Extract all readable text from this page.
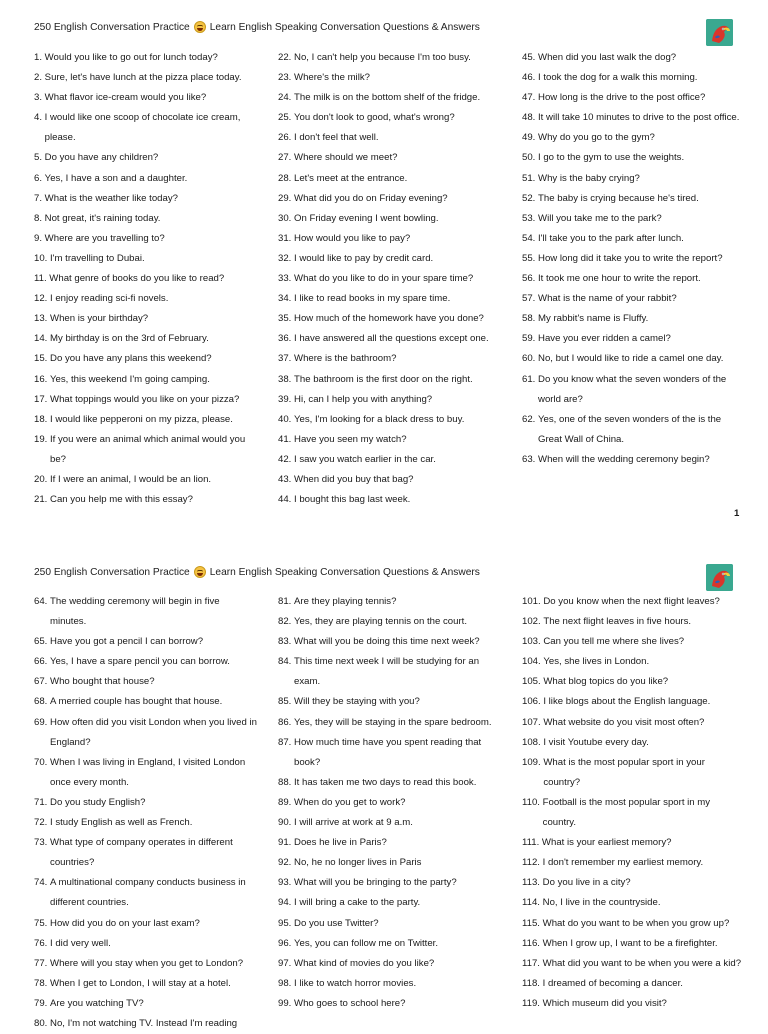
250 English Conversation Practice Learn English Speaking Conversation Questions & Answers
1. Would you like to go out for lunch today?
2. Sure, let's have lunch at the pizza place today.
3. What flavor ice-cream would you like?
4. I would like one scoop of chocolate ice cream, please.
5. Do you have any children?
6. Yes, I have a son and a daughter.
7. What is the weather like today?
8. Not great, it's raining today.
9. Where are you travelling to?
10. I'm travelling to Dubai.
11. What genre of books do you like to read?
12. I enjoy reading sci-fi novels.
13. When is your birthday?
14. My birthday is on the 3rd of February.
15. Do you have any plans this weekend?
16. Yes, this weekend I'm going camping.
17. What toppings would you like on your pizza?
18. I would like pepperoni on my pizza, please.
19. If you were an animal which animal would you be?
20. If I were an animal, I would be an lion.
21. Can you help me with this essay?
22. No, I can't help you because I'm too busy.
23. Where's the milk?
24. The milk is on the bottom shelf of the fridge.
25. You don't look to good, what's wrong?
26. I don't feel that well.
27. Where should we meet?
28. Let's meet at the entrance.
29. What did you do on Friday evening?
30. On Friday evening I went bowling.
31. How would you like to pay?
32. I would like to pay by credit card.
33. What do you like to do in your spare time?
34. I like to read books in my spare time.
35. How much of the homework have you done?
36. I have answered all the questions except one.
37. Where is the bathroom?
38. The bathroom is the first door on the right.
39. Hi, can I help you with anything?
40. Yes, I'm looking for a black dress to buy.
41. Have you seen my watch?
42. I saw you watch earlier in the car.
43. When did you buy that bag?
44. I bought this bag last week.
45. When did you last walk the dog?
46. I took the dog for a walk this morning.
47. How long is the drive to the post office?
48. It will take 10 minutes to drive to the post office.
49. Why do you go to the gym?
50. I go to the gym to use the weights.
51. Why is the baby crying?
52. The baby is crying because he's tired.
53. Will you take me to the park?
54. I'll take you to the park after lunch.
55. How long did it take you to write the report?
56. It took me one hour to write the report.
57. What is the name of your rabbit?
58. My rabbit's name is Fluffy.
59. Have you ever ridden a camel?
60. No, but I would like to ride a camel one day.
61. Do you know what the seven wonders of the world are?
62. Yes, one of the seven wonders of the is the Great Wall of China.
63. When will the wedding ceremony begin?
1
250 English Conversation Practice Learn English Speaking Conversation Questions & Answers
64. The wedding ceremony will begin in five minutes.
65. Have you got a pencil I can borrow?
66. Yes, I have a spare pencil you can borrow.
67. Who bought that house?
68. A merried couple has bought that house.
69. How often did you visit London when you lived in England?
70. When I was living in England, I visited London once every month.
71. Do you study English?
72. I study English as well as French.
73. What type of company operates in different countries?
74. A multinational company conducts business in different countries.
75. How did you do on your last exam?
76. I did very well.
77. Where will you stay when you get to London?
78. When I get to London, I will stay at a hotel.
79. Are you watching TV?
80. No, I'm not watching TV. Instead I'm reading
81. Are they playing tennis?
82. Yes, they are playing tennis on the court.
83. What will you be doing this time next week?
84. This time next week I will be studying for an exam.
85. Will they be staying with you?
86. Yes, they will be staying in the spare bedroom.
87. How much time have you spent reading that book?
88. It has taken me two days to read this book.
89. When do you get to work?
90. I will arrive at work at 9 a.m.
91. Does he live in Paris?
92. No, he no longer lives in Paris
93. What will you be bringing to the party?
94. I will bring a cake to the party.
95. Do you use Twitter?
96. Yes, you can follow me on Twitter.
97. What kind of movies do you like?
98. I like to watch horror movies.
99. Who goes to school here?
101. Do you know when the next flight leaves?
102. The next flight leaves in five hours.
103. Can you tell me where she lives?
104. Yes, she lives in London.
105. What blog topics do you like?
106. I like blogs about the English language.
107. What website do you visit most often?
108. I visit Youtube every day.
109. What is the most popular sport in your country?
110. Football is the most popular sport in my country.
111. What is your earliest memory?
112. I don't remember my earliest memory.
113. Do you live in a city?
114. No, I live in the countryside.
115. What do you want to be when you grow up?
116. When I grow up, I want to be a firefighter.
117. What did you want to be when you were a kid?
118. I dreamed of becoming a dancer.
119. Which museum did you visit?
